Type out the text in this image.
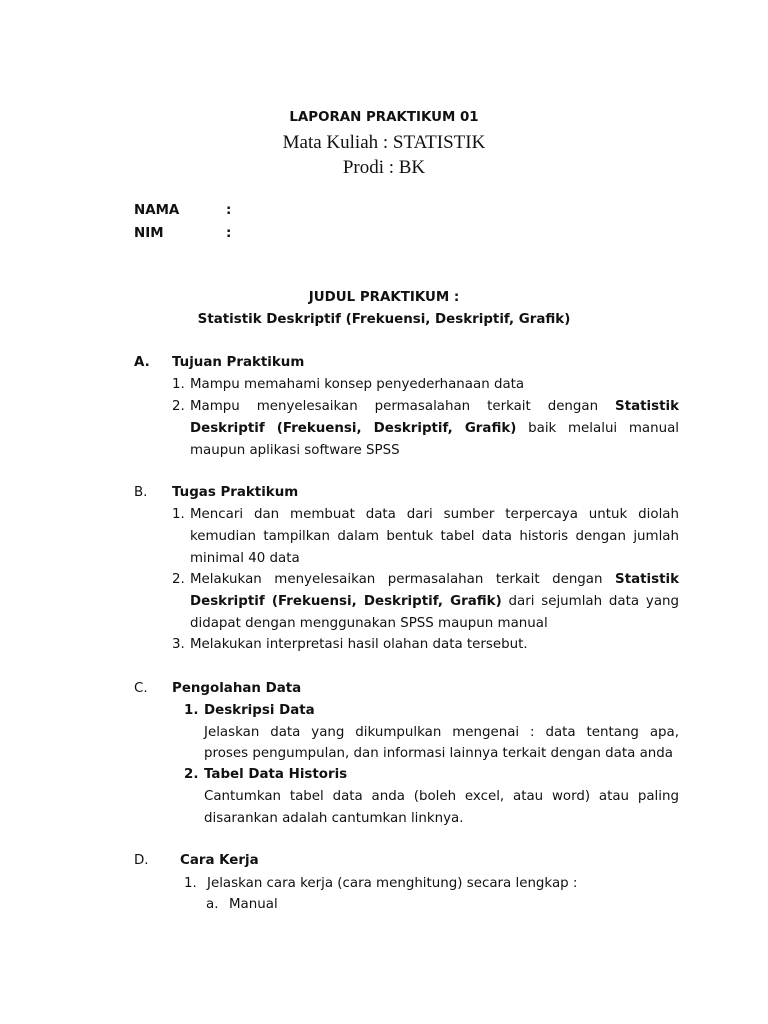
LAPORAN PRAKTIKUM 01
Mata Kuliah : STATISTIK
Prodi : BK
NAMA	:
NIM	:
JUDUL PRAKTIKUM :
Statistik Deskriptif (Frekuensi, Deskriptif, Grafik)
A. Tujuan Praktikum
1. Mampu memahami konsep penyederhanaan data
2. Mampu menyelesaikan permasalahan terkait dengan Statistik
Deskriptif (Frekuensi, Deskriptif, Grafik) baik melalui manual
maupun aplikasi software SPSS
B. Tugas Praktikum
1. Mencari dan membuat data dari sumber terpercaya untuk diolah
kemudian tampilkan dalam bentuk tabel data historis dengan jumlah
minimal 40 data
2. Melakukan menyelesaikan permasalahan terkait dengan Statistik
Deskriptif (Frekuensi, Deskriptif, Grafik) dari sejumlah data yang
didapat dengan menggunakan SPSS maupun manual
3. Melakukan interpretasi hasil olahan data tersebut.
C. Pengolahan Data
1. Deskripsi Data
Jelaskan data yang dikumpulkan mengenai : data tentang apa,
proses pengumpulan, dan informasi lainnya terkait dengan data anda
2. Tabel Data Historis
Cantumkan tabel data anda (boleh excel, atau word) atau paling
disarankan adalah cantumkan linknya.
D. Cara Kerja
1. Jelaskan cara kerja (cara menghitung) secara lengkap :
a. Manual
